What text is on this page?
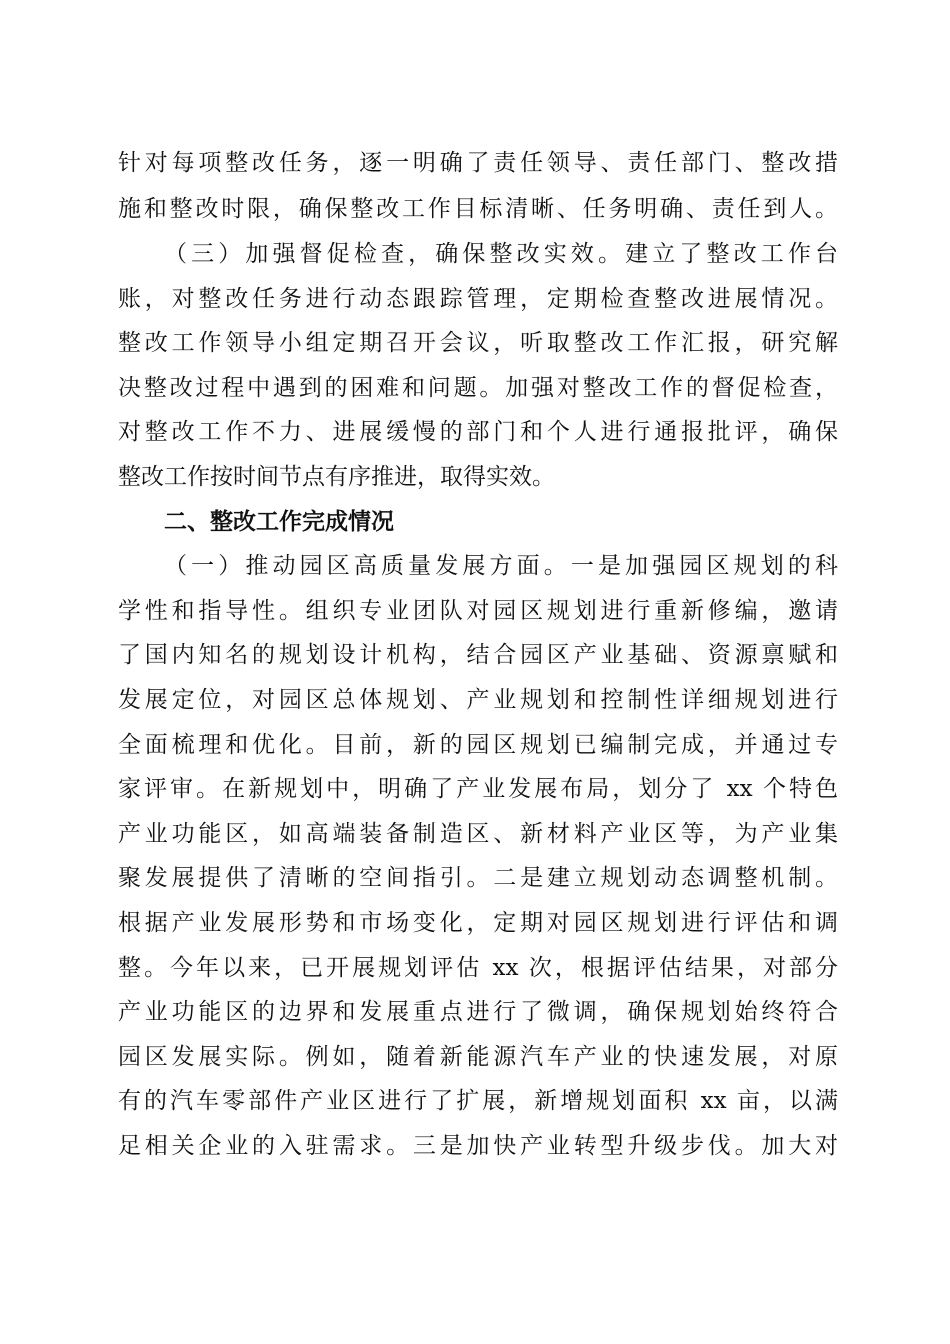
针对每项整改任务，逐一明确了责任领导、责任部门、整改措
施和整改时限，确保整改工作目标清晰、任务明确、责任到人。
（三）加强督促检查，确保整改实效。建立了整改工作台
账，对整改任务进行动态跟踪管理，定期检查整改进展情况。
整改工作领导小组定期召开会议，听取整改工作汇报，研究解
决整改过程中遇到的困难和问题。加强对整改工作的督促检查，
对整改工作不力、进展缓慢的部门和个人进行通报批评，确保
整改工作按时间节点有序推进，取得实效。
二、整改工作完成情况
（一）推动园区高质量发展方面。一是加强园区规划的科
学性和指导性。组织专业团队对园区规划进行重新修编，邀请
了国内知名的规划设计机构，结合园区产业基础、资源禀赋和
发展定位，对园区总体规划、产业规划和控制性详细规划进行
全面梳理和优化。目前，新的园区规划已编制完成，并通过专
家评审。在新规划中，明确了产业发展布局，划分了 xx 个特色
产业功能区，如高端装备制造区、新材料产业区等，为产业集
聚发展提供了清晰的空间指引。二是建立规划动态调整机制。
根据产业发展形势和市场变化，定期对园区规划进行评估和调
整。今年以来，已开展规划评估 xx 次，根据评估结果，对部分
产业功能区的边界和发展重点进行了微调，确保规划始终符合
园区发展实际。例如，随着新能源汽车产业的快速发展，对原
有的汽车零部件产业区进行了扩展，新增规划面积 xx 亩，以满
足相关企业的入驻需求。三是加快产业转型升级步伐。加大对
